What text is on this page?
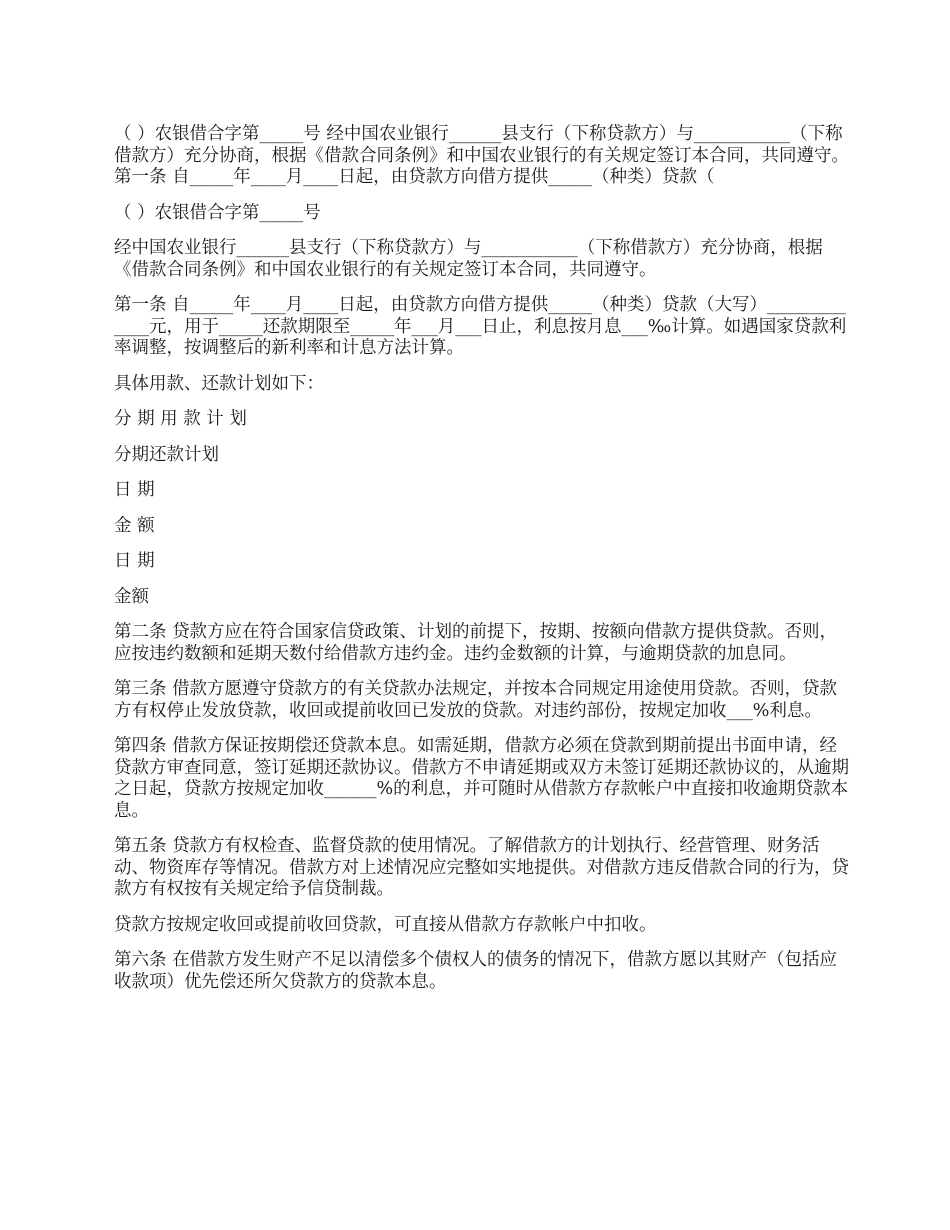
（ ）农银借合字第_____号 经中国农业银行______县支行（下称贷款方）与___________（下称借款方）充分协商，根据《借款合同条例》和中国农业银行的有关规定签订本合同，共同遵守。 第一条 自_____年____月____日起，由贷款方向借方提供_____（种类）贷款（

（ ）农银借合字第_____号

经中国农业银行______县支行（下称贷款方）与___________（下称借款方）充分协商，根据《借款合同条例》和中国农业银行的有关规定签订本合同，共同遵守。

第一条 自_____年____月____日起，由贷款方向借方提供_____（种类）贷款（大写）_____________元，用于_____还款期限至_____年___月___日止，利息按月息___‰计算。如遇国家贷款利率调整，按调整后的新利率和计息方法计算。

具体用款、还款计划如下：

分 期 用 款 计 划

分期还款计划

日 期

金 额

日 期

金额

第二条 贷款方应在符合国家信贷政策、计划的前提下，按期、按额向借款方提供贷款。否则，应按违约数额和延期天数付给借款方违约金。违约金数额的计算，与逾期贷款的加息同。

第三条 借款方愿遵守贷款方的有关贷款办法规定，并按本合同规定用途使用贷款。否则，贷款方有权停止发放贷款，收回或提前收回已发放的贷款。对违约部份，按规定加收___%利息。

第四条 借款方保证按期偿还贷款本息。如需延期，借款方必须在贷款到期前提出书面申请，经贷款方审查同意，签订延期还款协议。借款方不申请延期或双方未签订延期还款协议的，从逾期之日起，贷款方按规定加收______%的利息，并可随时从借款方存款帐户中直接扣收逾期贷款本息。

第五条 贷款方有权检查、监督贷款的使用情况。了解借款方的计划执行、经营管理、财务活动、物资库存等情况。借款方对上述情况应完整如实地提供。对借款方违反借款合同的行为，贷款方有权按有关规定给予信贷制裁。

贷款方按规定收回或提前收回贷款，可直接从借款方存款帐户中扣收。

第六条 在借款方发生财产不足以清偿多个债权人的债务的情况下，借款方愿以其财产（包括应收款项）优先偿还所欠贷款方的贷款本息。
